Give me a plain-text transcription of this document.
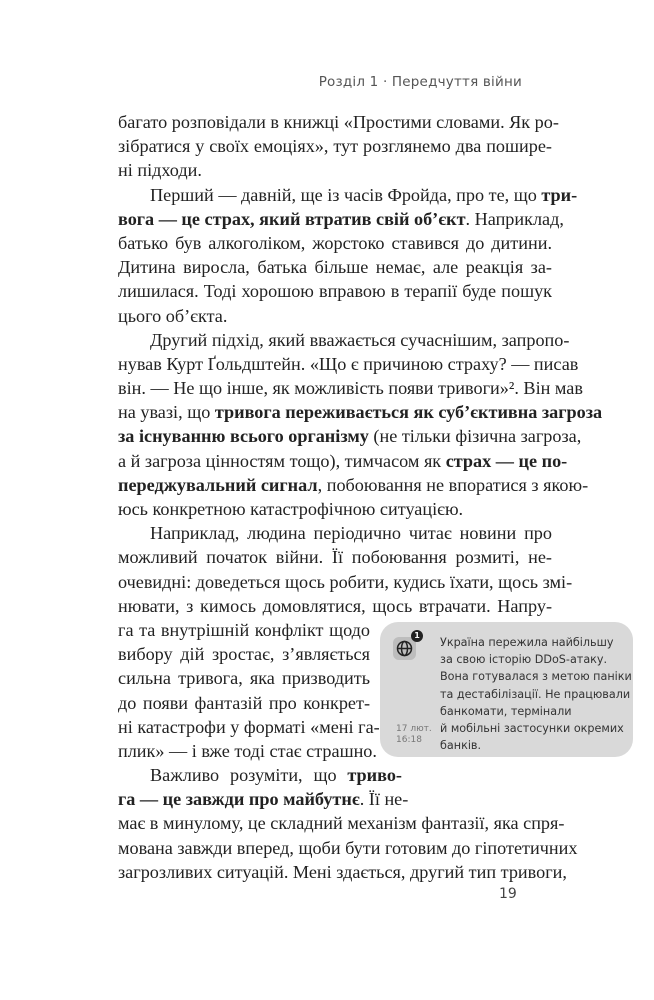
Розділ 1 · Передчуття війни
багато розповідали в книжці «Простими словами. Як ро-
зібратися у своїх емоціях», тут розглянемо два пошире-
ні підходи.
Перший — давній, ще із часів Фройда, про те, що три-
вога — це страх, який втратив свій об’єкт. Наприклад,
батько був алкоголіком, жорстоко ставився до дитини.
Дитина виросла, батька більше немає, але реакція за-
лишилася. Тоді хорошою вправою в терапії буде пошук
цього об’єкта.
Другий підхід, який вважається сучаснішим, запропо-
нував Курт Ґольдштейн. «Що є причиною страху? — писав
він. — Не що інше, як можливість появи тривоги»². Він мав
на увазі, що тривога переживається як суб’єктивна загроза
за існуванню всього організму (не тільки фізична загроза,
а й загроза цінностям тощо), тимчасом як страх — це по-
переджувальний сигнал, побоювання не впоратися з якою-
юсь конкретною катастрофічною ситуацією.
Наприклад, людина періодично читає новини про
можливий початок війни. Її побоювання розмиті, не-
очевидні: доведеться щось робити, кудись їхати, щось змі-
нювати, з кимось домовлятися, щось втрачати. Напру-
га та внутрішній конфлікт щодо
вибору дій зростає, з’являється
сильна тривога, яка призводить
до появи фантазій про конкрет-
ні катастрофи у форматі «мені га-
плик» — і вже тоді стає страшно.
Важливо розуміти, що триво-
га — це завжди про майбутнє. Її не-
має в минулому, це складний механізм фантазії, яка спря-
мована завжди вперед, щоби бути готовим до гіпотетичних
загрозливих ситуацій. Мені здається, другий тип тривоги,
1
Україна пережила найбільшу
за свою історію DDoS-атаку.
Вона готувалася з метою паніки
та дестабілізації. Не працювали
банкомати, термінали
й мобільні застосунки окремих
банків.
17 лют.
16:18
19
